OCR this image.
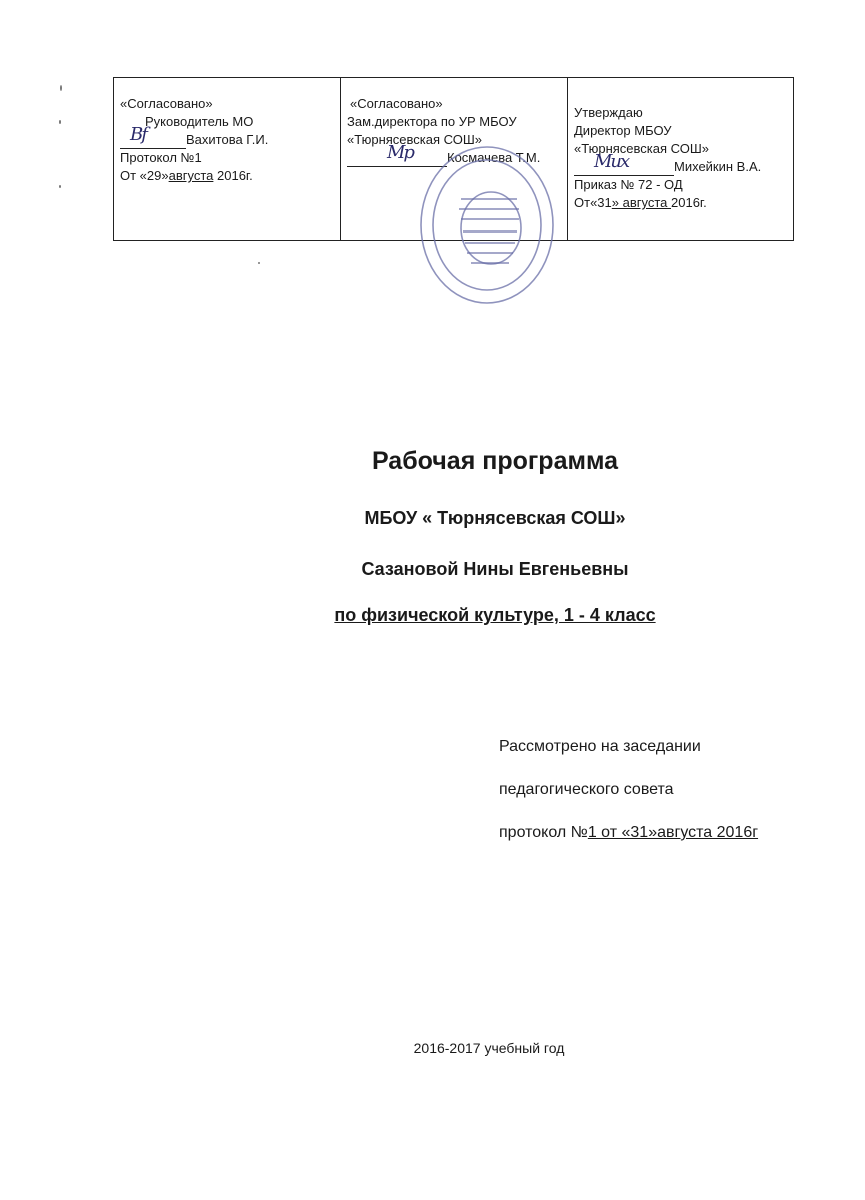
«Согласовано»
Руководитель МО
Вf	Вахитова Г.И.
Протокол №1
От «29»августа 2016г.

«Согласовано»
Зам.директора по УР МБОУ
«Тюрнясевская СОШ»
Мр	Космачева Т.М.

Утверждаю
Директор МБОУ
«Тюрнясевская СОШ»
Мих	Михейкин В.А.
Приказ № 72 - ОД
От«31» августа 2016г.
Рабочая программа
МБОУ « Тюрнясевская СОШ»
Сазановой Нины Евгеньевны
по физической культуре, 1 - 4 класс
Рассмотрено на заседании
педагогического совета
протокол №1 от «31»августа 2016г
2016-2017 учебный год
